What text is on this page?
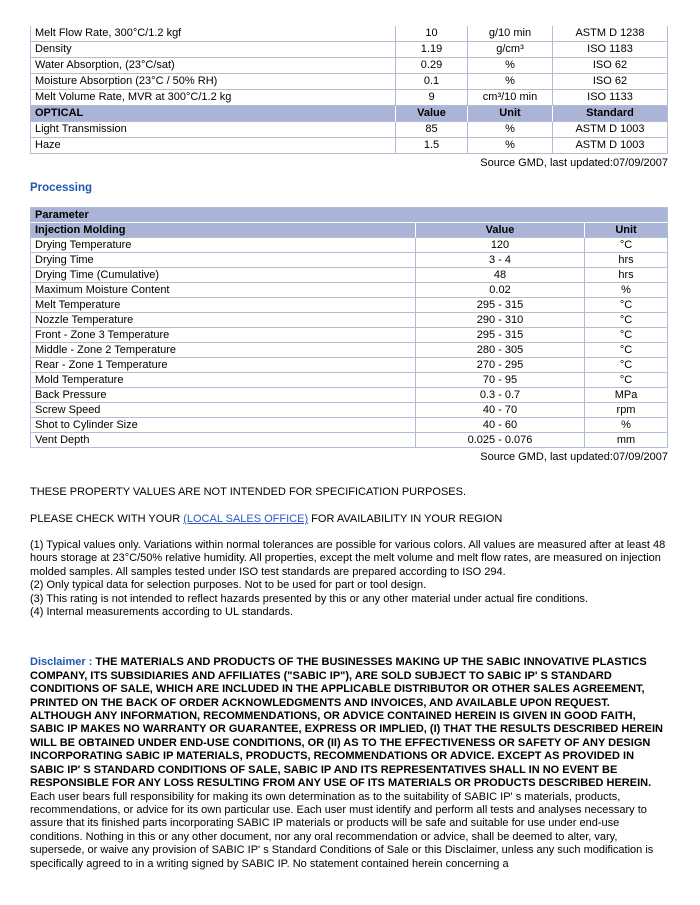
Melt Flow Rate, 300°C/1.2 kgf	10	g/10 min	ASTM D 1238
Density	1.19	g/cm³	ISO 1183
Water Absorption, (23°C/sat)	0.29	%	ISO 62
Moisture Absorption (23°C / 50% RH)	0.1	%	ISO 62
Melt Volume Rate, MVR at 300°C/1.2 kg	9	cm³/10 min	ISO 1133
OPTICAL	Value	Unit	Standard
Light Transmission	85	%	ASTM D 1003
Haze	1.5	%	ASTM D 1003
Source GMD, last updated:07/09/2007
Processing
Parameter		
Injection Molding	Value	Unit
Drying Temperature	120	°C
Drying Time	3 - 4	hrs
Drying Time (Cumulative)	48	hrs
Maximum Moisture Content	0.02	%
Melt Temperature	295 - 315	°C
Nozzle Temperature	290 - 310	°C
Front - Zone 3 Temperature	295 - 315	°C
Middle - Zone 2 Temperature	280 - 305	°C
Rear - Zone 1 Temperature	270 - 295	°C
Mold Temperature	70 - 95	°C
Back Pressure	0.3 - 0.7	MPa
Screw Speed	40 - 70	rpm
Shot to Cylinder Size	40 - 60	%
Vent Depth	0.025 - 0.076	mm
Source GMD, last updated:07/09/2007
THESE PROPERTY VALUES ARE NOT INTENDED FOR SPECIFICATION PURPOSES.
PLEASE CHECK WITH YOUR (LOCAL SALES OFFICE) FOR AVAILABILITY IN YOUR REGION
(1) Typical values only. Variations within normal tolerances are possible for various colors. All values are measured after at least 48 hours storage at 23°C/50% relative humidity. All properties, except the melt volume and melt flow rates, are measured on injection molded samples. All samples tested under ISO test standards are prepared according to ISO 294.
(2) Only typical data for selection purposes. Not to be used for part or tool design.
(3) This rating is not intended to reflect hazards presented by this or any other material under actual fire conditions.
(4) Internal measurements according to UL standards.
Disclaimer : THE MATERIALS AND PRODUCTS OF THE BUSINESSES MAKING UP THE SABIC INNOVATIVE PLASTICS COMPANY, ITS SUBSIDIARIES AND AFFILIATES ("SABIC IP"), ARE SOLD SUBJECT TO SABIC IP' S STANDARD CONDITIONS OF SALE, WHICH ARE INCLUDED IN THE APPLICABLE DISTRIBUTOR OR OTHER SALES AGREEMENT, PRINTED ON THE BACK OF ORDER ACKNOWLEDGMENTS AND INVOICES, AND AVAILABLE UPON REQUEST. ALTHOUGH ANY INFORMATION, RECOMMENDATIONS, OR ADVICE CONTAINED HEREIN IS GIVEN IN GOOD FAITH, SABIC IP MAKES NO WARRANTY OR GUARANTEE, EXPRESS OR IMPLIED, (I) THAT THE RESULTS DESCRIBED HEREIN WILL BE OBTAINED UNDER END-USE CONDITIONS, OR (II) AS TO THE EFFECTIVENESS OR SAFETY OF ANY DESIGN INCORPORATING SABIC IP MATERIALS, PRODUCTS, RECOMMENDATIONS OR ADVICE. EXCEPT AS PROVIDED IN SABIC IP' S STANDARD CONDITIONS OF SALE, SABIC IP AND ITS REPRESENTATIVES SHALL IN NO EVENT BE RESPONSIBLE FOR ANY LOSS RESULTING FROM ANY USE OF ITS MATERIALS OR PRODUCTS DESCRIBED HEREIN. Each user bears full responsibility for making its own determination as to the suitability of SABIC IP' s materials, products, recommendations, or advice for its own particular use. Each user must identify and perform all tests and analyses necessary to assure that its finished parts incorporating SABIC IP materials or products will be safe and suitable for use under end-use conditions. Nothing in this or any other document, nor any oral recommendation or advice, shall be deemed to alter, vary, supersede, or waive any provision of SABIC IP' s Standard Conditions of Sale or this Disclaimer, unless any such modification is specifically agreed to in a writing signed by SABIC IP. No statement contained herein concerning a
